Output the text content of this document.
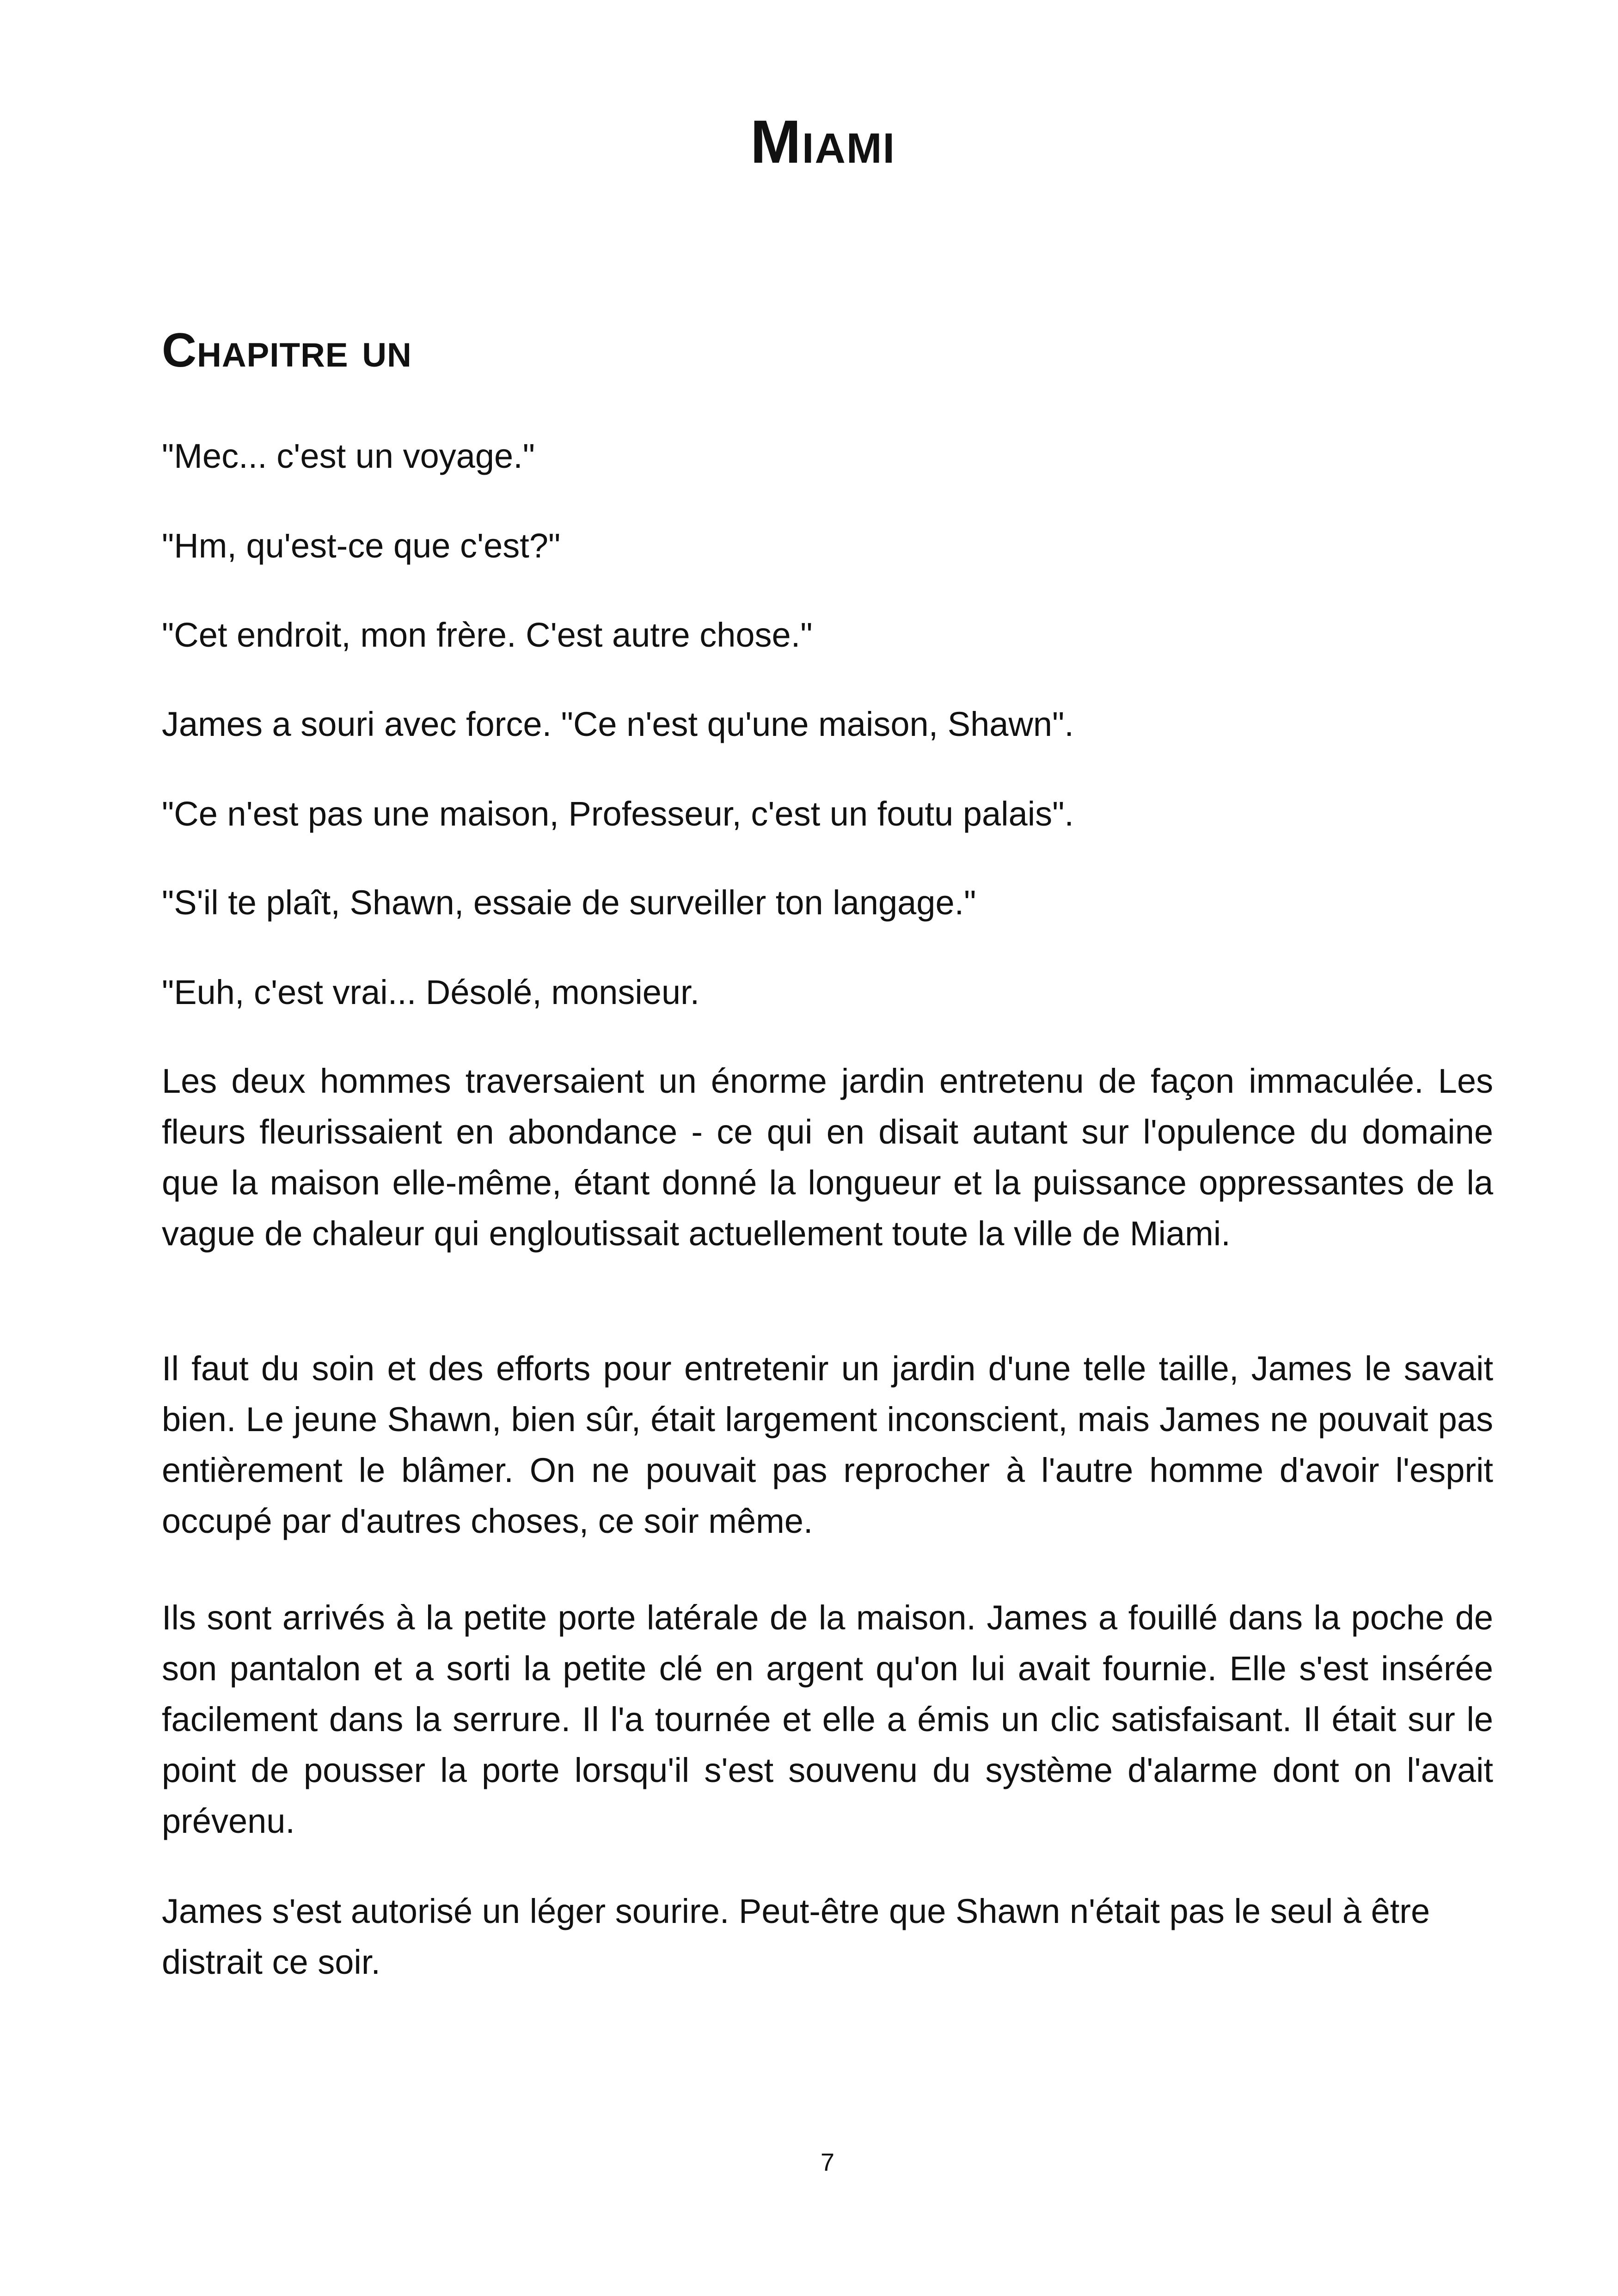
Miami
Chapitre un

"Mec... c'est un voyage."

"Hm, qu'est-ce que c'est?"

"Cet endroit, mon frère. C'est autre chose."

James a souri avec force. "Ce n'est qu'une maison, Shawn".

"Ce n'est pas une maison, Professeur, c'est un foutu palais".

"S'il te plaît, Shawn, essaie de surveiller ton langage."

"Euh, c'est vrai... Désolé, monsieur.

Les deux hommes traversaient un énorme jardin entretenu de façon immaculée. Les fleurs fleurissaient en abondance - ce qui en disait autant sur l'opulence du domaine que la maison elle-même, étant donné la longueur et la puissance oppressantes de la vague de chaleur qui engloutissait actuellement toute la ville de Miami.

Il faut du soin et des efforts pour entretenir un jardin d'une telle taille, James le savait bien. Le jeune Shawn, bien sûr, était largement inconscient, mais James ne pouvait pas entièrement le blâmer. On ne pouvait pas reprocher à l'autre homme d'avoir l'esprit occupé par d'autres choses, ce soir même.

Ils sont arrivés à la petite porte latérale de la maison. James a fouillé dans la poche de son pantalon et a sorti la petite clé en argent qu'on lui avait fournie. Elle s'est insérée facilement dans la serrure. Il l'a tournée et elle a émis un clic satisfaisant. Il était sur le point de pousser la porte lorsqu'il s'est souvenu du système d'alarme dont on l'avait prévenu.

James s'est autorisé un léger sourire. Peut-être que Shawn n'était pas le seul à être distrait ce soir.

7
